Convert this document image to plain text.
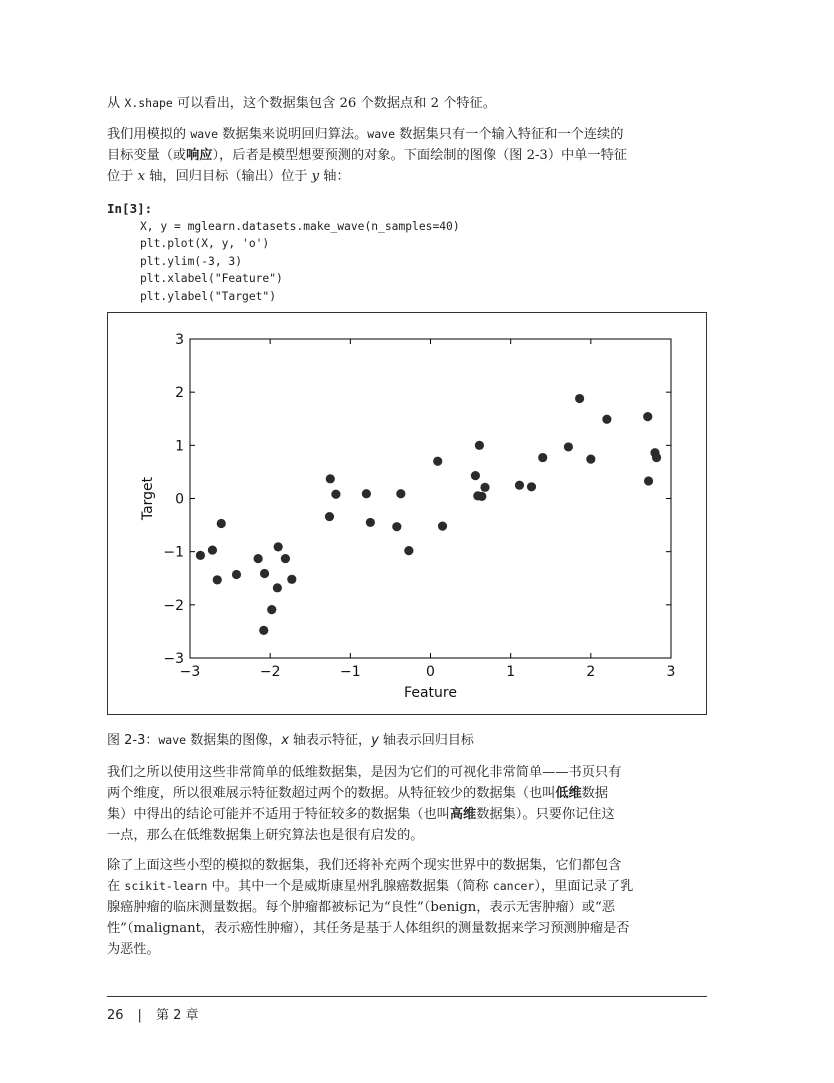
从 X.shape 可以看出，这个数据集包含 26 个数据点和 2 个特征。
我们用模拟的 wave 数据集来说明回归算法。wave 数据集只有一个输入特征和一个连续的
目标变量（或响应），后者是模型想要预测的对象。下面绘制的图像（图 2-3）中单一特征
位于 x 轴，回归目标（输出）位于 y 轴：
In[3]:
X, y = mglearn.datasets.make_wave(n_samples=40)
plt.plot(X, y, 'o')
plt.ylim(-3, 3)
plt.xlabel("Feature")
plt.ylabel("Target")
−3	−2	−1	0	1	2	3
3
2
1
0
−1
−2
−3
Feature
Target
图 2-3：wave 数据集的图像，x 轴表示特征，y 轴表示回归目标
我们之所以使用这些非常简单的低维数据集，是因为它们的可视化非常简单——书页只有
两个维度，所以很难展示特征数超过两个的数据。从特征较少的数据集（也叫低维数据
集）中得出的结论可能并不适用于特征较多的数据集（也叫高维数据集）。只要你记住这
一点，那么在低维数据集上研究算法也是很有启发的。
除了上面这些小型的模拟的数据集，我们还将补充两个现实世界中的数据集，它们都包含
在 scikit-learn 中。其中一个是威斯康星州乳腺癌数据集（简称 cancer），里面记录了乳
腺癌肿瘤的临床测量数据。每个肿瘤都被标记为“良性”（benign，表示无害肿瘤）或“恶
性”（malignant，表示癌性肿瘤），其任务是基于人体组织的测量数据来学习预测肿瘤是否
为恶性。
26 | 第 2 章
